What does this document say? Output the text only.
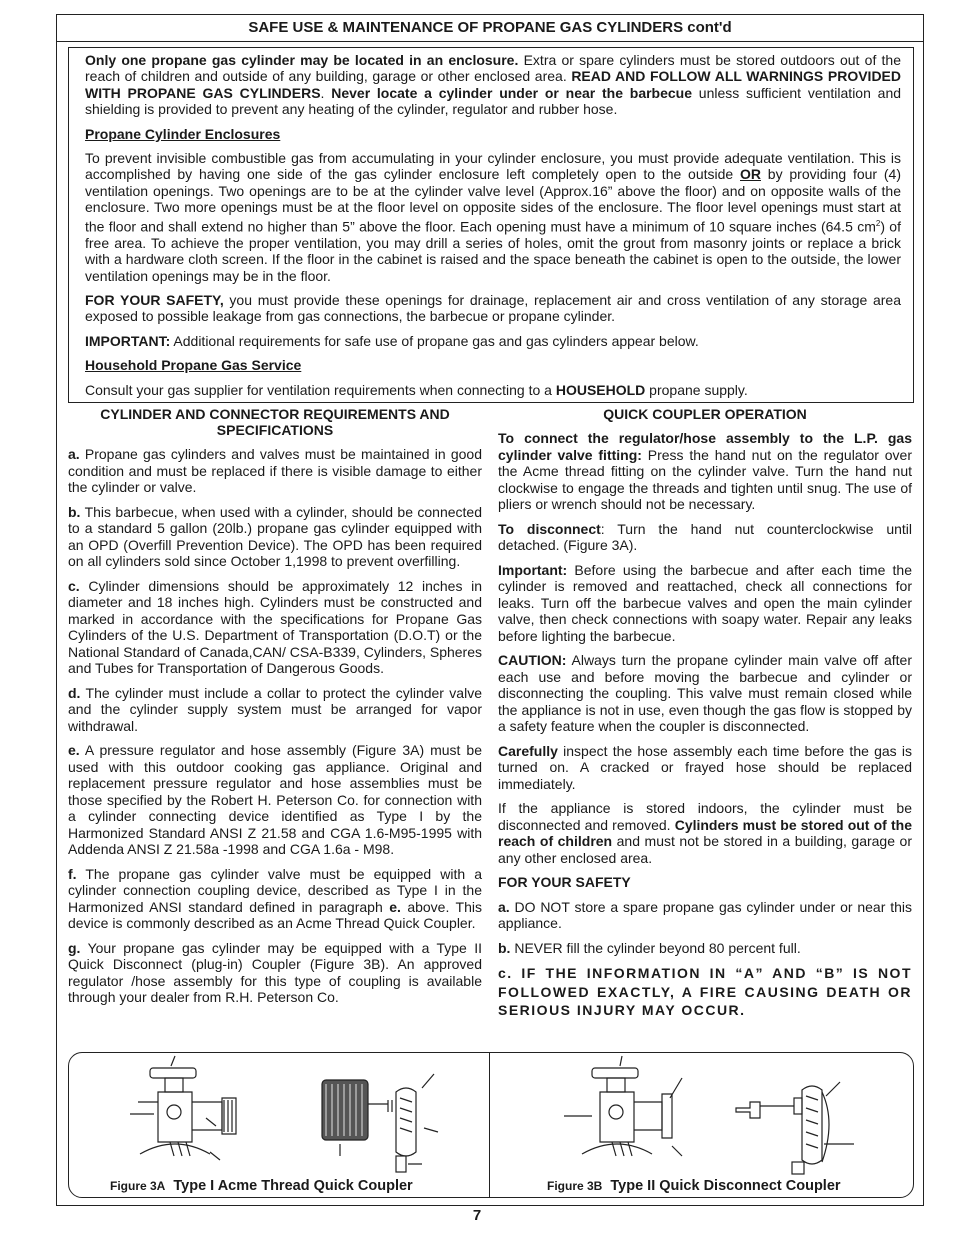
SAFE USE & MAINTENANCE OF PROPANE GAS CYLINDERS cont'd

Only one propane gas cylinder may be located in an enclosure. Extra or spare cylinders must be stored outdoors out of the reach of children and outside of any building, garage or other enclosed area. READ AND FOLLOW ALL WARNINGS PROVIDED WITH PROPANE GAS CYLINDERS. Never locate a cylinder under or near the barbecue unless sufficient ventilation and shielding is provided to prevent any heating of the cylinder, regulator and rubber hose.

Propane Cylinder Enclosures

To prevent invisible combustible gas from accumulating in your cylinder enclosure, you must provide adequate ventilation. This is accomplished by having one side of the gas cylinder enclosure left completely open to the outside OR by providing four (4) ventilation openings. Two openings are to be at the cylinder valve level (Approx.16” above the floor) and on opposite walls of the enclosure. Two more openings must be at the floor level on opposite sides of the enclosure. The floor level openings must start at the floor and shall extend no higher than 5” above the floor. Each opening must have a minimum of 10 square inches (64.5 $cm^2$) of free area. To achieve the proper ventilation, you may drill a series of holes, omit the grout from masonry joints or replace a brick with a hardware cloth screen. If the floor in the cabinet is raised and the space beneath the cabinet is open to the outside, the lower ventilation openings may be in the floor.

FOR YOUR SAFETY, you must provide these openings for drainage, replacement air and cross ventilation of any storage area exposed to possible leakage from gas connections, the barbecue or propane cylinder.

IMPORTANT: Additional requirements for safe use of propane gas and gas cylinders appear below.

Household Propane Gas Service

Consult your gas supplier for ventilation requirements when connecting to a HOUSEHOLD propane supply.

CYLINDER AND CONNECTOR REQUIREMENTS AND SPECIFICATIONS

a. Propane gas cylinders and valves must be maintained in good condition and must be replaced if there is visible damage to either the cylinder or valve.

b. This barbecue, when used with a cylinder, should be connected to a standard 5 gallon (20lb.) propane gas cylinder equipped with an OPD (Overfill Prevention Device). The OPD has been required on all cylinders sold since October 1,1998 to prevent overfilling.

c. Cylinder dimensions should be approximately 12 inches in diameter and 18 inches high. Cylinders must be constructed and marked in accordance with the specifications for Propane Gas Cylinders of the U.S. Department of Transportation (D.O.T) or the National Standard of Canada,CAN/ CSA-B339, Cylinders, Spheres and Tubes for Transportation of Dangerous Goods.

d. The cylinder must include a collar to protect the cylinder valve and the cylinder supply system must be arranged for vapor withdrawal.

e. A pressure regulator and hose assembly (Figure 3A) must be used with this outdoor cooking gas appliance. Original and replacement pressure regulator and hose assemblies must be those specified by the Robert H. Peterson Co. for connection with a cylinder connecting device identified as Type I by the Harmonized Standard ANSI Z 21.58 and CGA 1.6-M95-1995 with Addenda ANSI Z 21.58a -1998 and CGA 1.6a - M98.

f. The propane gas cylinder valve must be equipped with a cylinder connection coupling device, described as Type I in the Harmonized ANSI standard defined in paragraph e. above. This device is commonly described as an Acme Thread Quick Coupler.

g. Your propane gas cylinder may be equipped with a Type II Quick Disconnect (plug-in) Coupler (Figure 3B). An approved regulator /hose assembly for this type of coupling is available through your dealer from R.H. Peterson Co.

QUICK COUPLER OPERATION

To connect the regulator/hose assembly to the L.P. gas cylinder valve fitting: Press the hand nut on the regulator over the Acme thread fitting on the cylinder valve. Turn the hand nut clockwise to engage the threads and tighten until snug. The use of pliers or wrench should not be necessary.

To disconnect: Turn the hand nut counterclockwise until detached. (Figure 3A).

Important: Before using the barbecue and after each time the cylinder is removed and reattached, check all connections for leaks. Turn off the barbecue valves and open the main cylinder valve, then check connections with soapy water. Repair any leaks before lighting the barbecue.

CAUTION: Always turn the propane cylinder main valve off after each use and before moving the barbecue and cylinder or disconnecting the coupling. This valve must remain closed while the appliance is not in use, even though the gas flow is stopped by a safety feature when the coupler is disconnected.

Carefully inspect the hose assembly each time before the gas is turned on. A cracked or frayed hose should be replaced immediately.

If the appliance is stored indoors, the cylinder must be disconnected and removed. Cylinders must be stored out of the reach of children and must not be stored in a building, garage or any other enclosed area.

FOR YOUR SAFETY

a. DO NOT store a spare propane gas cylinder under or near this appliance.

b. NEVER fill the cylinder beyond 80 percent full.

c. IF THE INFORMATION IN “A” AND “B” IS NOT FOLLOWED EXACTLY, A FIRE CAUSING DEATH OR SERIOUS INJURY MAY OCCUR.

Figure 3A Type I Acme Thread Quick Coupler	Figure 3B Type II Quick Disconnect Coupler
7
